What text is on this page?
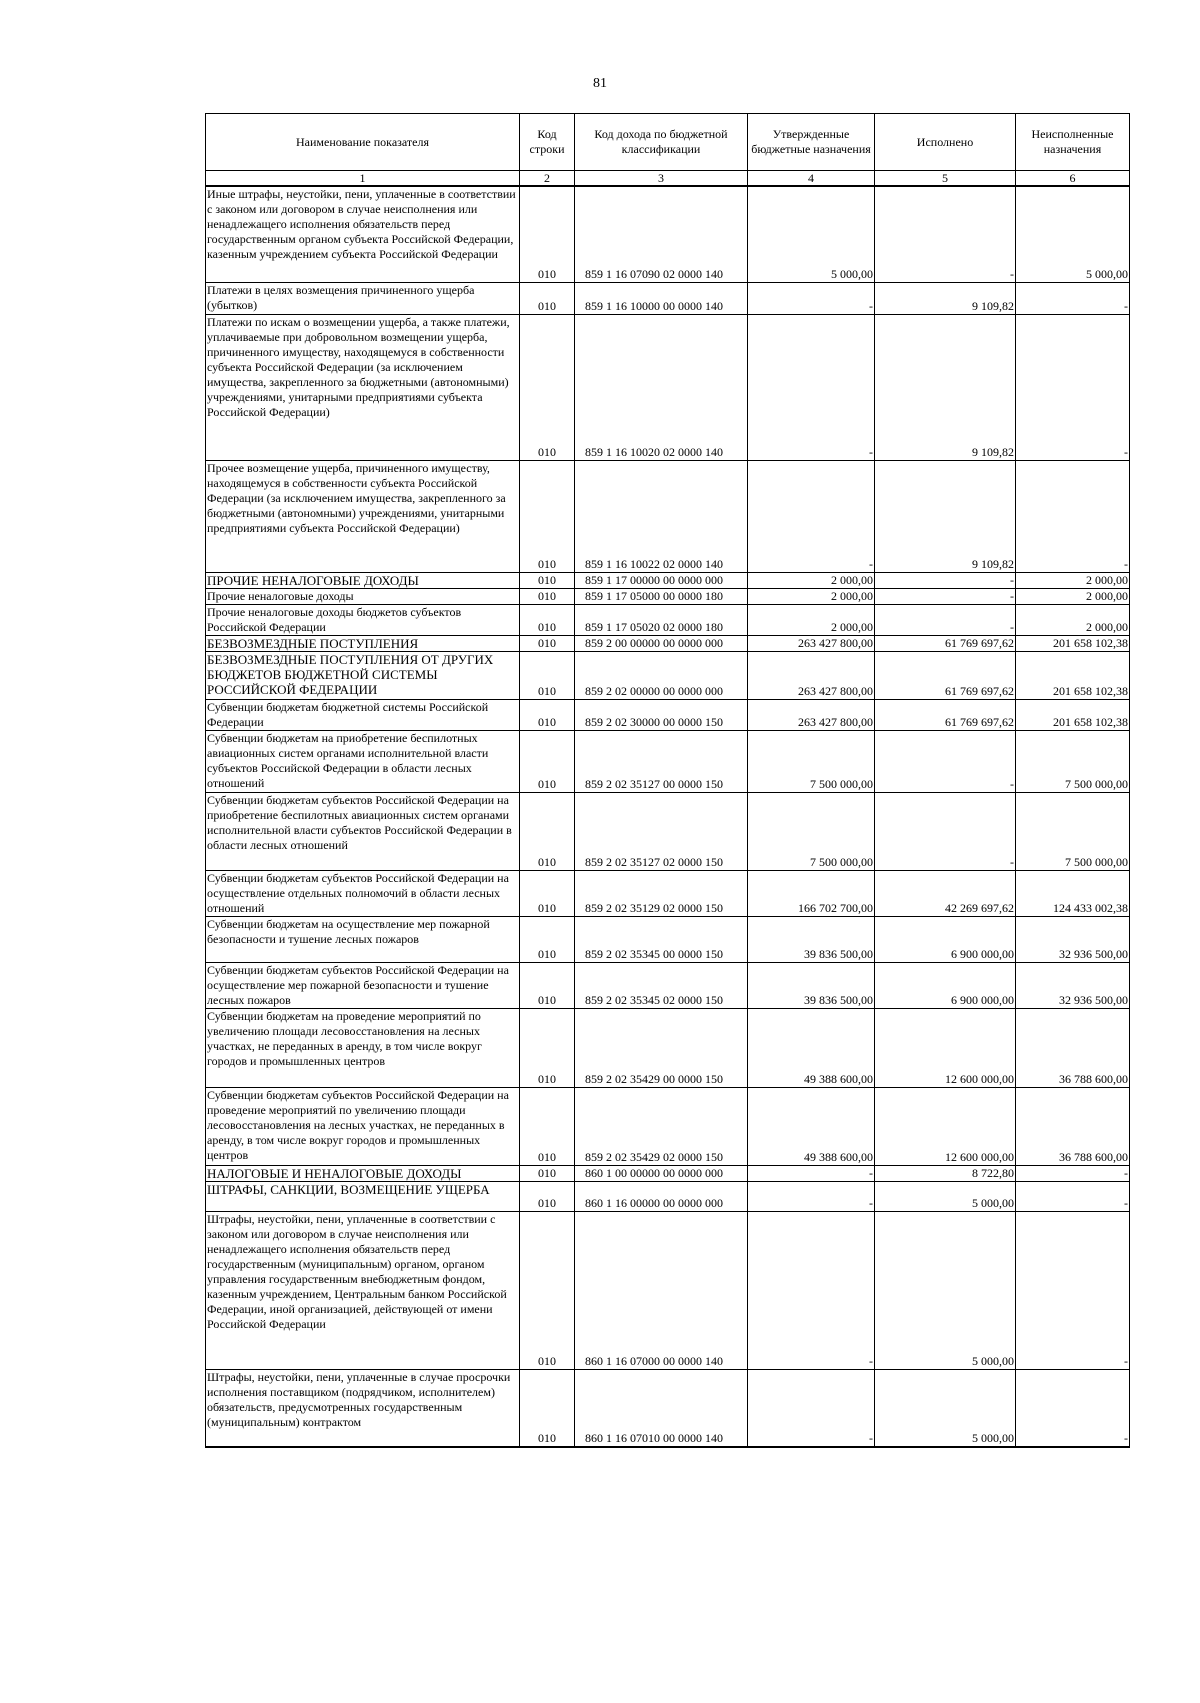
81
Наименование показателя	Код строки	Код дохода по бюджетной классификации	Утвержденные бюджетные назначения	Исполнено	Неисполненные назначения
1	2	3	4	5	6
Иные штрафы, неустойки, пени, уплаченные в соответствии с законом или договором в случае неисполнения или ненадлежащего исполнения обязательств перед государственным органом субъекта Российской Федерации, казенным учреждением субъекта Российской Федерации	010	859 1 16 07090 02 0000 140	5 000,00	-	5 000,00
Платежи в целях возмещения причиненного ущерба (убытков)	010	859 1 16 10000 00 0000 140	-	9 109,82	-
Платежи по искам о возмещении ущерба, а также платежи, уплачиваемые при добровольном возмещении ущерба, причиненного имуществу, находящемуся в собственности субъекта Российской Федерации (за исключением имущества, закрепленного за бюджетными (автономными) учреждениями, унитарными предприятиями субъекта Российской Федерации)	010	859 1 16 10020 02 0000 140	-	9 109,82	-
Прочее возмещение ущерба, причиненного имуществу, находящемуся в собственности субъекта Российской Федерации (за исключением имущества, закрепленного за бюджетными (автономными) учреждениями, унитарными предприятиями субъекта Российской Федерации)	010	859 1 16 10022 02 0000 140	-	9 109,82	-
ПРОЧИЕ НЕНАЛОГОВЫЕ ДОХОДЫ	010	859 1 17 00000 00 0000 000	2 000,00	-	2 000,00
Прочие неналоговые доходы	010	859 1 17 05000 00 0000 180	2 000,00	-	2 000,00
Прочие неналоговые доходы бюджетов субъектов Российской Федерации	010	859 1 17 05020 02 0000 180	2 000,00	-	2 000,00
БЕЗВОЗМЕЗДНЫЕ ПОСТУПЛЕНИЯ	010	859 2 00 00000 00 0000 000	263 427 800,00	61 769 697,62	201 658 102,38
БЕЗВОЗМЕЗДНЫЕ ПОСТУПЛЕНИЯ ОТ ДРУГИХ БЮДЖЕТОВ БЮДЖЕТНОЙ СИСТЕМЫ РОССИЙСКОЙ ФЕДЕРАЦИИ	010	859 2 02 00000 00 0000 000	263 427 800,00	61 769 697,62	201 658 102,38
Субвенции бюджетам бюджетной системы Российской Федерации	010	859 2 02 30000 00 0000 150	263 427 800,00	61 769 697,62	201 658 102,38
Субвенции бюджетам на приобретение беспилотных авиационных систем органами исполнительной власти субъектов Российской Федерации в области лесных отношений	010	859 2 02 35127 00 0000 150	7 500 000,00	-	7 500 000,00
Субвенции бюджетам субъектов Российской Федерации на приобретение беспилотных авиационных систем органами исполнительной власти субъектов Российской Федерации в области лесных отношений	010	859 2 02 35127 02 0000 150	7 500 000,00	-	7 500 000,00
Субвенции бюджетам субъектов Российской Федерации на осуществление отдельных полномочий в области лесных отношений	010	859 2 02 35129 02 0000 150	166 702 700,00	42 269 697,62	124 433 002,38
Субвенции бюджетам на осуществление мер пожарной безопасности и тушение лесных пожаров	010	859 2 02 35345 00 0000 150	39 836 500,00	6 900 000,00	32 936 500,00
Субвенции бюджетам субъектов Российской Федерации на осуществление мер пожарной безопасности и тушение лесных пожаров	010	859 2 02 35345 02 0000 150	39 836 500,00	6 900 000,00	32 936 500,00
Субвенции бюджетам на проведение мероприятий по увеличению площади лесовосстановления на лесных участках, не переданных в аренду, в том числе вокруг городов и промышленных центров	010	859 2 02 35429 00 0000 150	49 388 600,00	12 600 000,00	36 788 600,00
Субвенции бюджетам субъектов Российской Федерации на проведение мероприятий по увеличению площади лесовосстановления на лесных участках, не переданных в аренду, в том числе вокруг городов и промышленных центров	010	859 2 02 35429 02 0000 150	49 388 600,00	12 600 000,00	36 788 600,00
НАЛОГОВЫЕ И НЕНАЛОГОВЫЕ ДОХОДЫ	010	860 1 00 00000 00 0000 000	-	8 722,80	-
ШТРАФЫ, САНКЦИИ, ВОЗМЕЩЕНИЕ УЩЕРБА	010	860 1 16 00000 00 0000 000	-	5 000,00	-
Штрафы, неустойки, пени, уплаченные в соответствии с законом или договором в случае неисполнения или ненадлежащего исполнения обязательств перед государственным (муниципальным) органом, органом управления государственным внебюджетным фондом, казенным учреждением, Центральным банком Российской Федерации, иной организацией, действующей от имени Российской Федерации	010	860 1 16 07000 00 0000 140	-	5 000,00	-
Штрафы, неустойки, пени, уплаченные в случае просрочки исполнения поставщиком (подрядчиком, исполнителем) обязательств, предусмотренных государственным (муниципальным) контрактом	010	860 1 16 07010 00 0000 140	-	5 000,00	-
